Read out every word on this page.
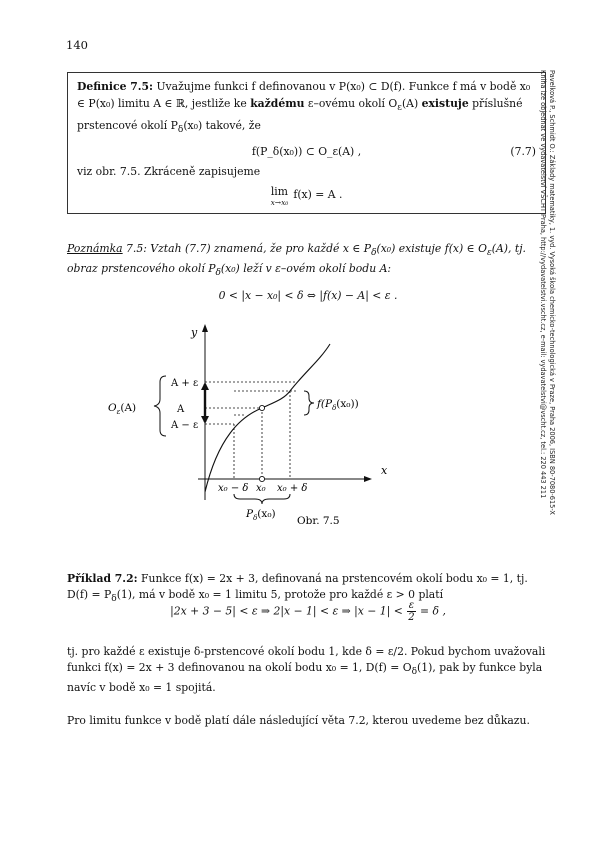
140
Pavelková P., Schmidt O.: Základy matematiky, 1. vyd. Vysoká škola chemicko-technologická v Praze, Praha 2006, ISBN 80-7080-615-X
Kniha lze objednat ve vydavatelství VŠCHT Praha, http://vydavatelstvi.vscht.cz, e-mail: vydavatelstvi@vscht.cz, tel.: 220 443 211
Definice 7.5: Uvažujme funkci f definovanou v P(x₀) ⊂ D(f). Funkce f má v bodě x₀ ∈ P(x₀) limitu A ∈ ℝ, jestliže ke každému ε–ovému okolí $O_\varepsilon(A)$ existuje příslušné prstencové okolí $P_\delta(x_0)$ takové, že
f(P_δ(x₀)) ⊂ O_ε(A) ,	(7.7)
viz obr. 7.5. Zkráceně zapisujeme
lim
x→x₀
f(x) = A .
Poznámka 7.5: Vztah (7.7) znamená, že pro každé x ∈ $P_\delta(x_0)$ existuje f(x) ∈ $O_\varepsilon(A)$, tj. obraz prstencového okolí $P_\delta(x_0)$ leží v ε–ovém okolí bodu A:
0 < |x − x₀| < δ ⇔ |f(x) − A| < ε .
y
x
A + ε
A
A − ε
$O_\varepsilon(A)$	$f(P_\delta(x_0))$
x₀ − δ x₀ x₀ + δ
$P_\delta(x_0)$
Obr. 7.5
Příklad 7.2: Funkce f(x) = 2x + 3, definovaná na prstencovém okolí bodu x₀ = 1, tj. $D(f) = P_\delta(1)$, má v bodě x₀ = 1 limitu 5, protože pro každé ε > 0 platí
|2x + 3 − 5| < ε ⇒ 2|x − 1| < ε ⇒ $|x - 1| < \frac{\varepsilon}{2} = \delta$ ,
tj. pro každé ε existuje δ-prstencové okolí bodu 1, kde δ = ε/2. Pokud bychom uvažovali funkci f(x) = 2x + 3 definovanou na okolí bodu x₀ = 1, $D(f) = O_\delta(1)$, pak by funkce byla navíc v bodě x₀ = 1 spojitá.
Pro limitu funkce v bodě platí dále následující věta 7.2, kterou uvedeme bez důkazu.
